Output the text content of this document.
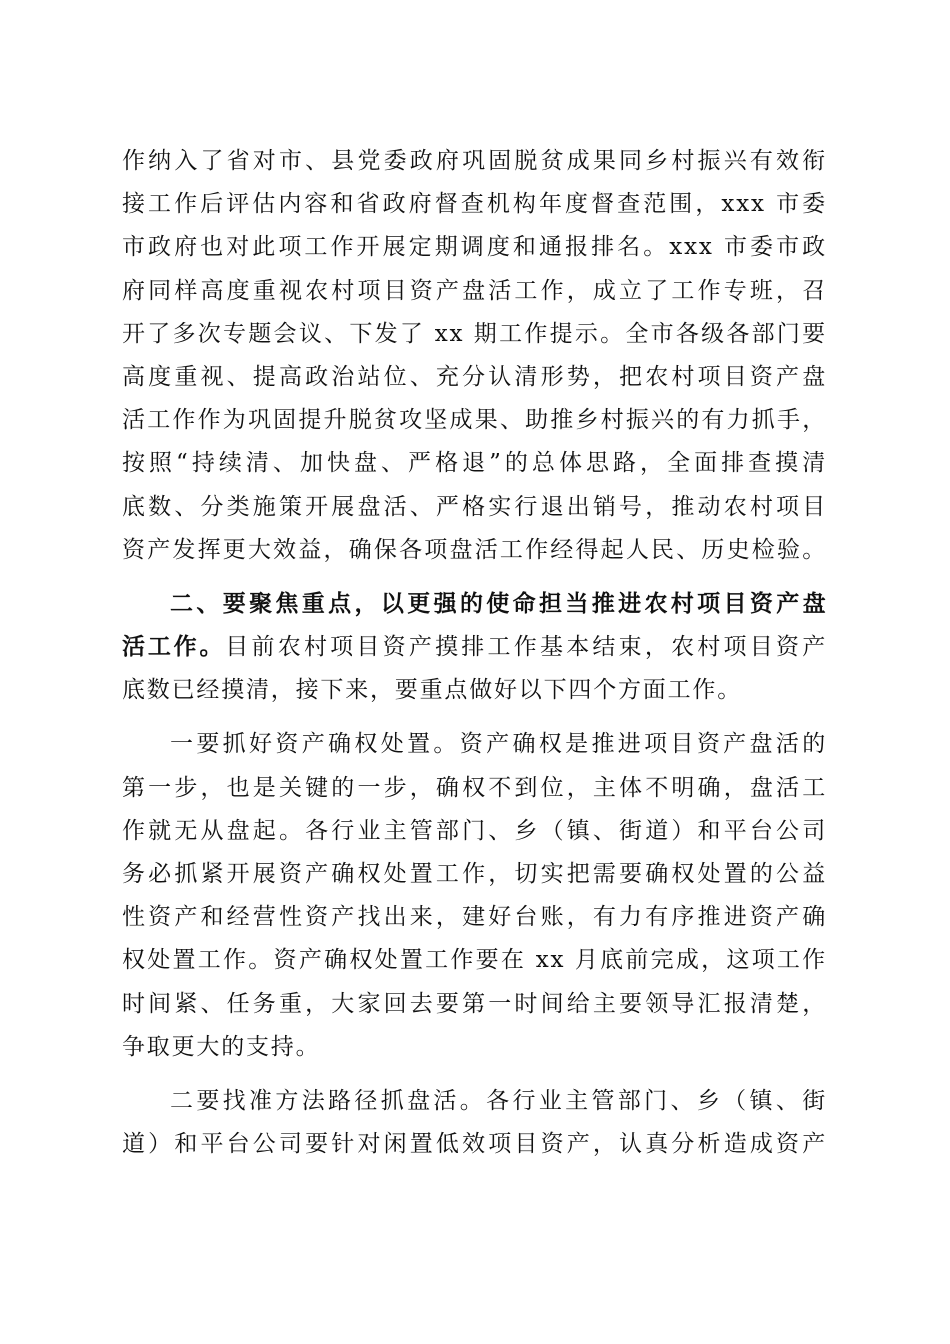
作纳入了省对市、县党委政府巩固脱贫成果同乡村振兴有效衔
接工作后评估内容和省政府督查机构年度督查范围，xxx 市委
市政府也对此项工作开展定期调度和通报排名。xxx 市委市政
府同样高度重视农村项目资产盘活工作，成立了工作专班，召
开了多次专题会议、下发了 xx 期工作提示。全市各级各部门要
高度重视、提高政治站位、充分认清形势，把农村项目资产盘
活工作作为巩固提升脱贫攻坚成果、助推乡村振兴的有力抓手，
按照“持续清、加快盘、严格退”的总体思路，全面排查摸清
底数、分类施策开展盘活、严格实行退出销号，推动农村项目
资产发挥更大效益，确保各项盘活工作经得起人民、历史检验。
二、要聚焦重点，以更强的使命担当推进农村项目资产盘
活工作。目前农村项目资产摸排工作基本结束，农村项目资产
底数已经摸清，接下来，要重点做好以下四个方面工作。
一要抓好资产确权处置。资产确权是推进项目资产盘活的
第一步，也是关键的一步，确权不到位，主体不明确，盘活工
作就无从盘起。各行业主管部门、乡（镇、街道）和平台公司
务必抓紧开展资产确权处置工作，切实把需要确权处置的公益
性资产和经营性资产找出来，建好台账，有力有序推进资产确
权处置工作。资产确权处置工作要在 xx 月底前完成，这项工作
时间紧、任务重，大家回去要第一时间给主要领导汇报清楚，
争取更大的支持。
二要找准方法路径抓盘活。各行业主管部门、乡（镇、街
道）和平台公司要针对闲置低效项目资产，认真分析造成资产
